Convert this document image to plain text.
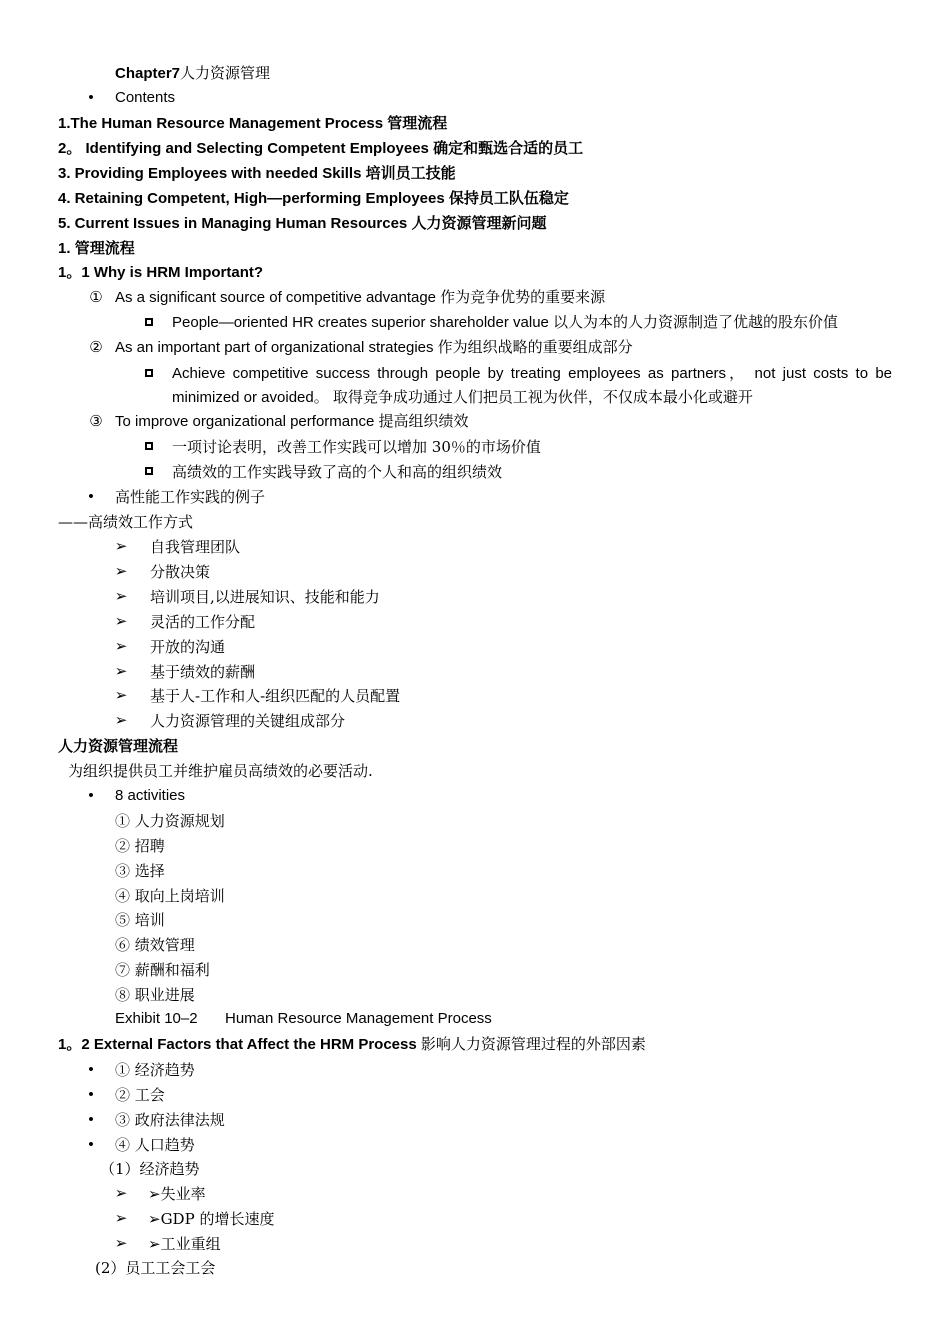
Chapter7人力资源管理
• Contents
1.The Human Resource Management Process 管理流程
2。 Identifying and Selecting Competent Employees 确定和甄选合适的员工
3. Providing Employees with needed Skills 培训员工技能
4. Retaining Competent, High—performing Employees 保持员工队伍稳定
5. Current Issues in Managing Human Resources 人力资源管理新问题
1. 管理流程
1。1 Why is HRM Important?
① As a significant source of competitive advantage 作为竞争优势的重要来源
People—oriented HR creates superior shareholder value 以人为本的人力资源制造了优越的股东价值
② As an important part of organizational strategies 作为组织战略的重要组成部分
Achieve competitive success through people by treating employees as partners， not just costs to be minimized or avoided。 取得竞争成功通过人们把员工视为伙伴，不仅成本最小化或避开
③ To improve organizational performance 提高组织绩效
一项讨论表明，改善工作实践可以增加 30％的市场价值
高绩效的工作实践导致了高的个人和高的组织绩效
• 高性能工作实践的例子
——高绩效工作方式
➢ 自我管理团队
➢ 分散决策
➢ 培训项目,以进展知识、技能和能力
➢ 灵活的工作分配
➢ 开放的沟通
➢ 基于绩效的薪酬
➢ 基于人-工作和人-组织匹配的人员配置
➢ 人力资源管理的关键组成部分
人力资源管理流程
为组织提供员工并维护雇员高绩效的必要活动.
• 8 activities
① 人力资源规划
② 招聘
③ 选择
④ 取向上岗培训
⑤ 培训
⑥ 绩效管理
⑦ 薪酬和福利
⑧ 职业进展
Exhibit 10–2 Human Resource Management Process
1。2 External Factors that Affect the HRM Process 影响人力资源管理过程的外部因素
• ① 经济趋势
• ② 工会
• ③ 政府法律法规
• ④ 人口趋势
（1）经济趋势
➢ ➢失业率
➢ ➢GDP 的增长速度
➢ ➢工业重组
(2）员工工会工会
